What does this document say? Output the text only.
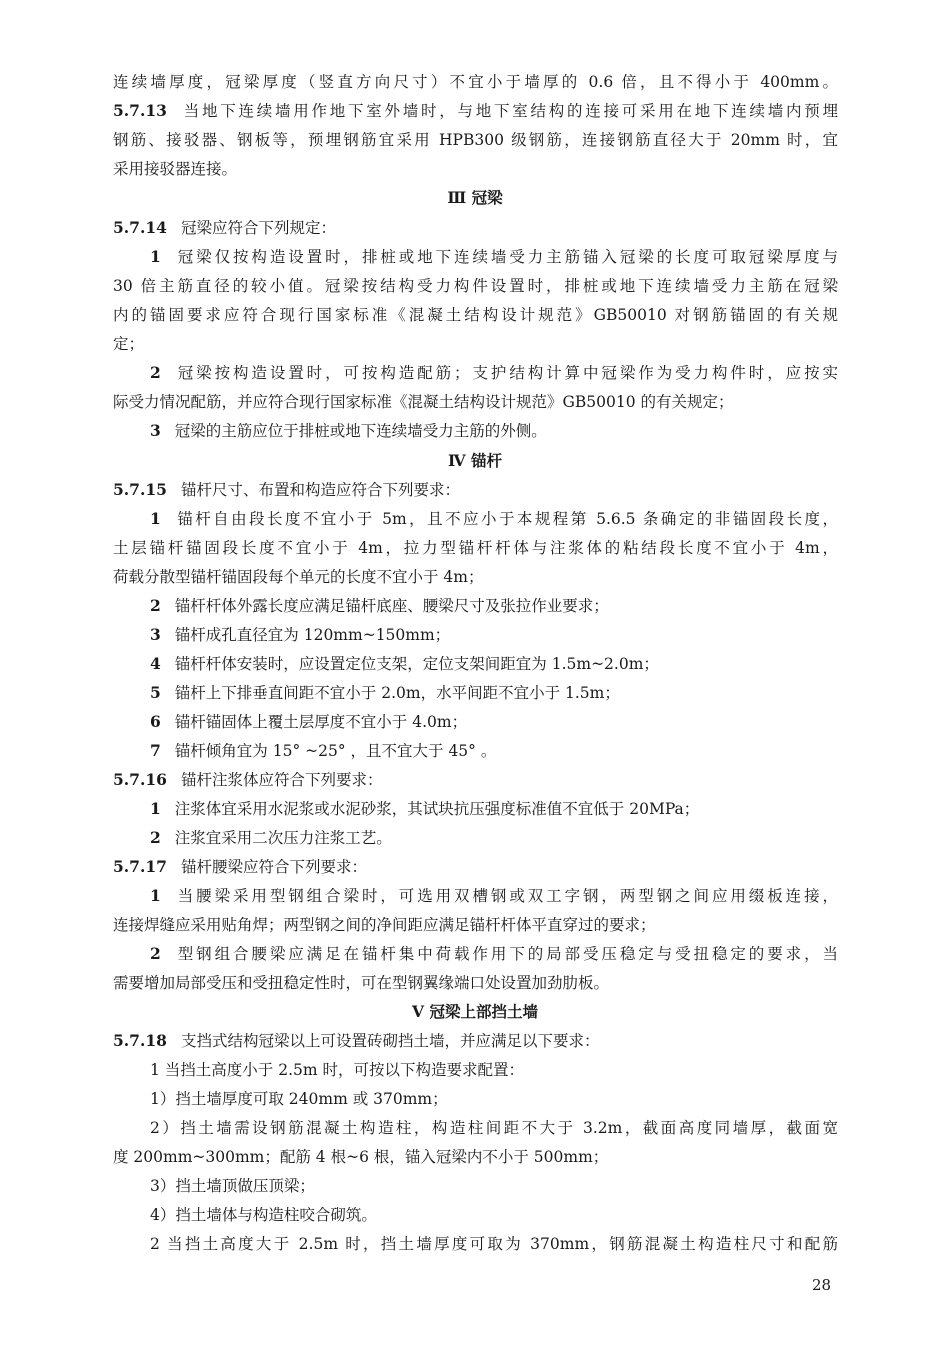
连续墙厚度，冠梁厚度（竖直方向尺寸）不宜小于墙厚的 0.6 倍，且不得小于 400mm。
5.7.13 当地下连续墙用作地下室外墙时，与地下室结构的连接可采用在地下连续墙内预埋
钢筋、接驳器、钢板等，预埋钢筋宜采用 HPB300 级钢筋，连接钢筋直径大于 20mm 时，宜
采用接驳器连接。
Ⅲ 冠梁
5.7.14 冠梁应符合下列规定：
1 冠梁仅按构造设置时，排桩或地下连续墙受力主筋锚入冠梁的长度可取冠梁厚度与
30 倍主筋直径的较小值。冠梁按结构受力构件设置时，排桩或地下连续墙受力主筋在冠梁
内的锚固要求应符合现行国家标准《混凝土结构设计规范》GB50010 对钢筋锚固的有关规
定；
2 冠梁按构造设置时，可按构造配筋；支护结构计算中冠梁作为受力构件时，应按实
际受力情况配筋，并应符合现行国家标准《混凝土结构设计规范》GB50010 的有关规定；
3 冠梁的主筋应位于排桩或地下连续墙受力主筋的外侧。
Ⅳ 锚杆
5.7.15 锚杆尺寸、布置和构造应符合下列要求：
1 锚杆自由段长度不宜小于 5m，且不应小于本规程第 5.6.5 条确定的非锚固段长度，
土层锚杆锚固段长度不宜小于 4m，拉力型锚杆杆体与注浆体的粘结段长度不宜小于 4m，
荷载分散型锚杆锚固段每个单元的长度不宜小于 4m；
2 锚杆杆体外露长度应满足锚杆底座、腰梁尺寸及张拉作业要求；
3 锚杆成孔直径宜为 120mm~150mm；
4 锚杆杆体安装时，应设置定位支架，定位支架间距宜为 1.5m~2.0m；
5 锚杆上下排垂直间距不宜小于 2.0m，水平间距不宜小于 1.5m；
6 锚杆锚固体上覆土层厚度不宜小于 4.0m；
7 锚杆倾角宜为 15° ~25° ，且不宜大于 45° 。
5.7.16 锚杆注浆体应符合下列要求：
1 注浆体宜采用水泥浆或水泥砂浆，其试块抗压强度标准值不宜低于 20MPa；
2 注浆宜采用二次压力注浆工艺。
5.7.17 锚杆腰梁应符合下列要求：
1 当腰梁采用型钢组合梁时，可选用双槽钢或双工字钢，两型钢之间应用缀板连接，
连接焊缝应采用贴角焊；两型钢之间的净间距应满足锚杆杆体平直穿过的要求；
2 型钢组合腰梁应满足在锚杆集中荷载作用下的局部受压稳定与受扭稳定的要求，当
需要增加局部受压和受扭稳定性时，可在型钢翼缘端口处设置加劲肋板。
Ⅴ 冠梁上部挡土墙
5.7.18 支挡式结构冠梁以上可设置砖砌挡土墙，并应满足以下要求：
1 当挡土高度小于 2.5m 时，可按以下构造要求配置：
1）挡土墙厚度可取 240mm 或 370mm；
2）挡土墙需设钢筋混凝土构造柱，构造柱间距不大于 3.2m，截面高度同墙厚，截面宽
度 200mm~300mm；配筋 4 根~6 根，锚入冠梁内不小于 500mm；
3）挡土墙顶做压顶梁；
4）挡土墙体与构造柱咬合砌筑。
2 当挡土高度大于 2.5m 时，挡土墙厚度可取为 370mm，钢筋混凝土构造柱尺寸和配筋
28
